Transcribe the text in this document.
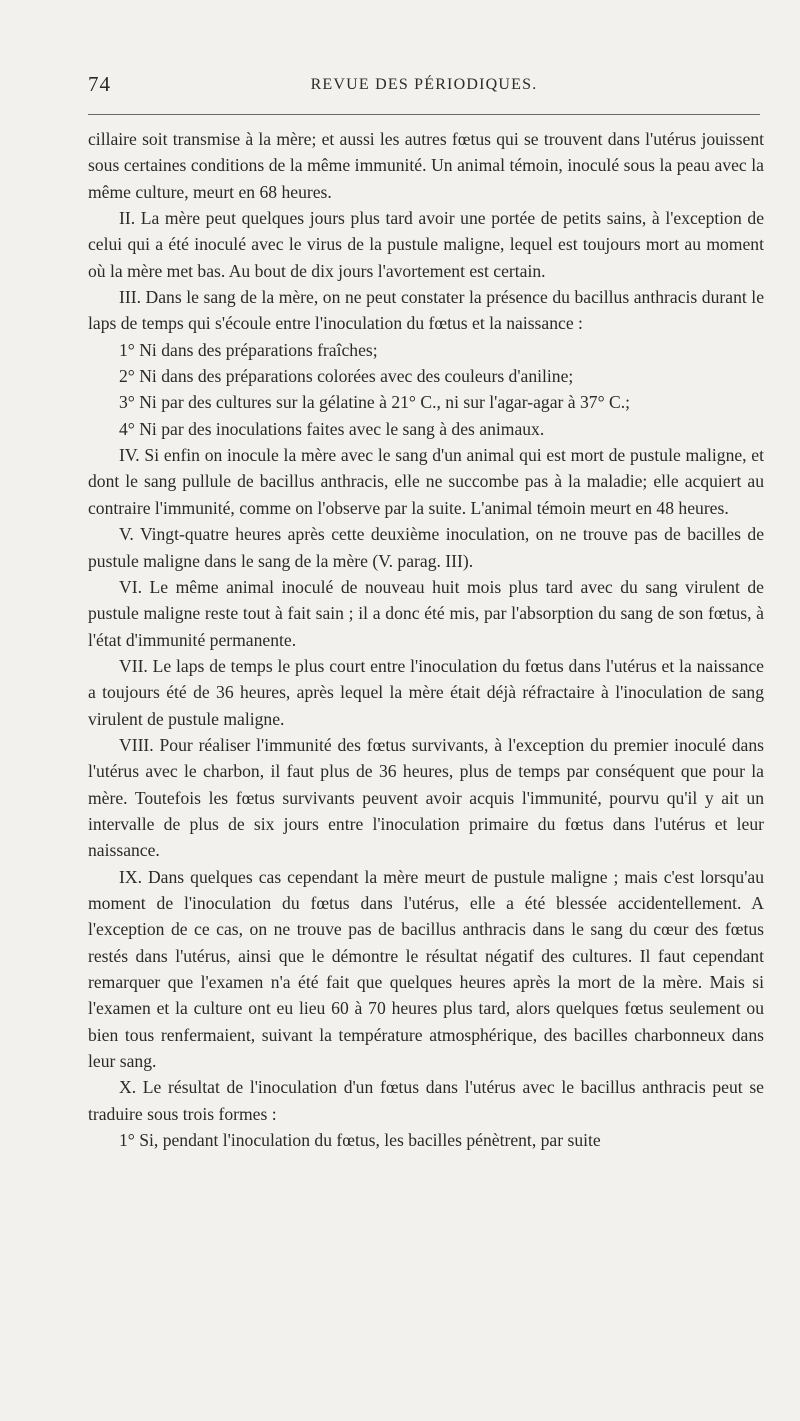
74	REVUE DES PÉRIODIQUES.

cillaire soit transmise à la mère; et aussi les autres fœtus qui se trouvent dans l'utérus jouissent sous certaines conditions de la même immunité. Un animal témoin, inoculé sous la peau avec la même culture, meurt en 68 heures.

II. La mère peut quelques jours plus tard avoir une portée de petits sains, à l'exception de celui qui a été inoculé avec le virus de la pustule maligne, lequel est toujours mort au moment où la mère met bas. Au bout de dix jours l'avortement est certain.

III. Dans le sang de la mère, on ne peut constater la présence du bacillus anthracis durant le laps de temps qui s'écoule entre l'inoculation du fœtus et la naissance :

1° Ni dans des préparations fraîches;

2° Ni dans des préparations colorées avec des couleurs d'aniline;

3° Ni par des cultures sur la gélatine à 21° C., ni sur l'agar-agar à 37° C.;

4° Ni par des inoculations faites avec le sang à des animaux.

IV. Si enfin on inocule la mère avec le sang d'un animal qui est mort de pustule maligne, et dont le sang pullule de bacillus anthracis, elle ne succombe pas à la maladie; elle acquiert au contraire l'immunité, comme on l'observe par la suite. L'animal témoin meurt en 48 heures.

V. Vingt-quatre heures après cette deuxième inoculation, on ne trouve pas de bacilles de pustule maligne dans le sang de la mère (V. parag. III).

VI. Le même animal inoculé de nouveau huit mois plus tard avec du sang virulent de pustule maligne reste tout à fait sain ; il a donc été mis, par l'absorption du sang de son fœtus, à l'état d'immunité permanente.

VII. Le laps de temps le plus court entre l'inoculation du fœtus dans l'utérus et la naissance a toujours été de 36 heures, après lequel la mère était déjà réfractaire à l'inoculation de sang virulent de pustule maligne.

VIII. Pour réaliser l'immunité des fœtus survivants, à l'exception du premier inoculé dans l'utérus avec le charbon, il faut plus de 36 heures, plus de temps par conséquent que pour la mère. Toutefois les fœtus survivants peuvent avoir acquis l'immunité, pourvu qu'il y ait un intervalle de plus de six jours entre l'inoculation primaire du fœtus dans l'utérus et leur naissance.

IX. Dans quelques cas cependant la mère meurt de pustule maligne ; mais c'est lorsqu'au moment de l'inoculation du fœtus dans l'utérus, elle a été blessée accidentellement. A l'exception de ce cas, on ne trouve pas de bacillus anthracis dans le sang du cœur des fœtus restés dans l'utérus, ainsi que le démontre le résultat négatif des cultures. Il faut cependant remarquer que l'examen n'a été fait que quelques heures après la mort de la mère. Mais si l'examen et la culture ont eu lieu 60 à 70 heures plus tard, alors quelques fœtus seulement ou bien tous renfermaient, suivant la température atmosphérique, des bacilles charbonneux dans leur sang.

X. Le résultat de l'inoculation d'un fœtus dans l'utérus avec le bacillus anthracis peut se traduire sous trois formes :

1° Si, pendant l'inoculation du fœtus, les bacilles pénètrent, par suite
